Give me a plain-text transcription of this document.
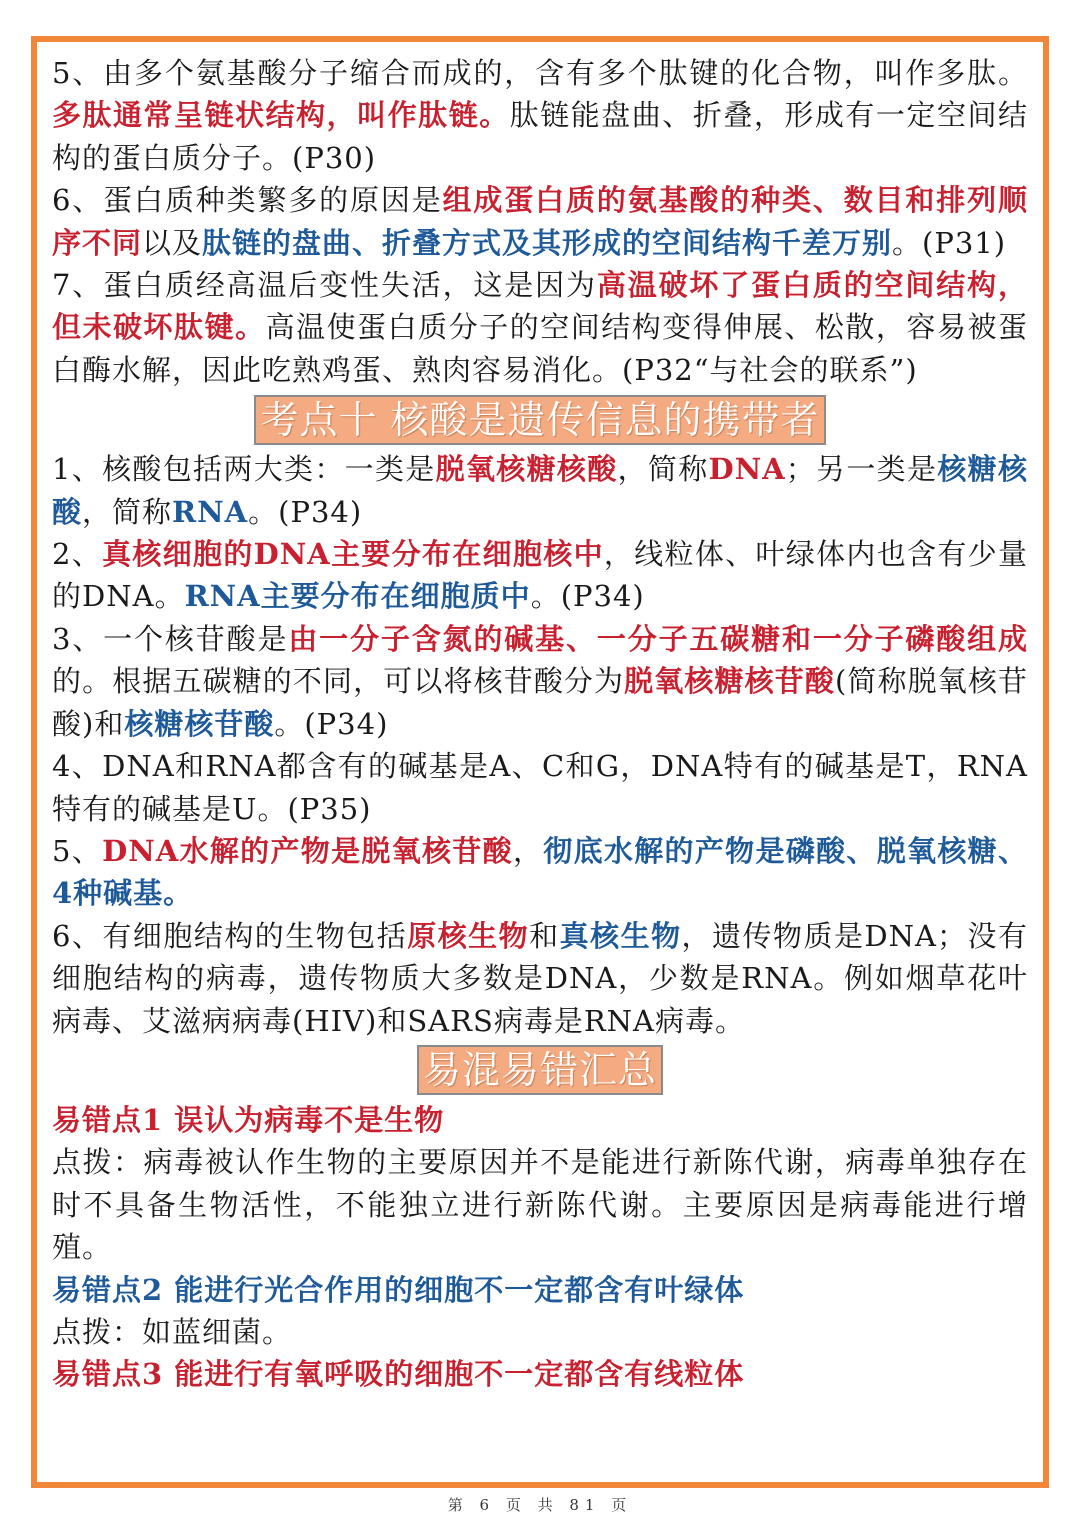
5、由多个氨基酸分子缩合而成的，含有多个肽键的化合物，叫作多肽。多肽通常呈链状结构，叫作肽链。肽链能盘曲、折叠，形成有一定空间结构的蛋白质分子。(P30)

6、蛋白质种类繁多的原因是组成蛋白质的氨基酸的种类、数目和排列顺序不同以及肽链的盘曲、折叠方式及其形成的空间结构千差万别。(P31)

7、蛋白质经高温后变性失活，这是因为高温破坏了蛋白质的空间结构，但未破坏肽键。高温使蛋白质分子的空间结构变得伸展、松散，容易被蛋白酶水解，因此吃熟鸡蛋、熟肉容易消化。(P32“与社会的联系”)

考点十 核酸是遗传信息的携带者

1、核酸包括两大类：一类是脱氧核糖核酸，简称DNA；另一类是核糖核酸，简称RNA。(P34)

2、真核细胞的DNA主要分布在细胞核中，线粒体、叶绿体内也含有少量的DNA。RNA主要分布在细胞质中。(P34)

3、一个核苷酸是由一分子含氮的碱基、一分子五碳糖和一分子磷酸组成的。根据五碳糖的不同，可以将核苷酸分为脱氧核糖核苷酸(简称脱氧核苷酸)和核糖核苷酸。(P34)

4、DNA和RNA都含有的碱基是A、C和G，DNA特有的碱基是T，RNA特有的碱基是U。(P35)

5、DNA水解的产物是脱氧核苷酸，彻底水解的产物是磷酸、脱氧核糖、4种碱基。

6、有细胞结构的生物包括原核生物和真核生物，遗传物质是DNA；没有细胞结构的病毒，遗传物质大多数是DNA，少数是RNA。例如烟草花叶病毒、艾滋病病毒(HIV)和SARS病毒是RNA病毒。

易混易错汇总

易错点1 误认为病毒不是生物

点拨：病毒被认作生物的主要原因并不是能进行新陈代谢，病毒单独存在时不具备生物活性，不能独立进行新陈代谢。主要原因是病毒能进行增殖。

易错点2 能进行光合作用的细胞不一定都含有叶绿体

点拨：如蓝细菌。

易错点3 能进行有氧呼吸的细胞不一定都含有线粒体

第 6 页 共 81 页
